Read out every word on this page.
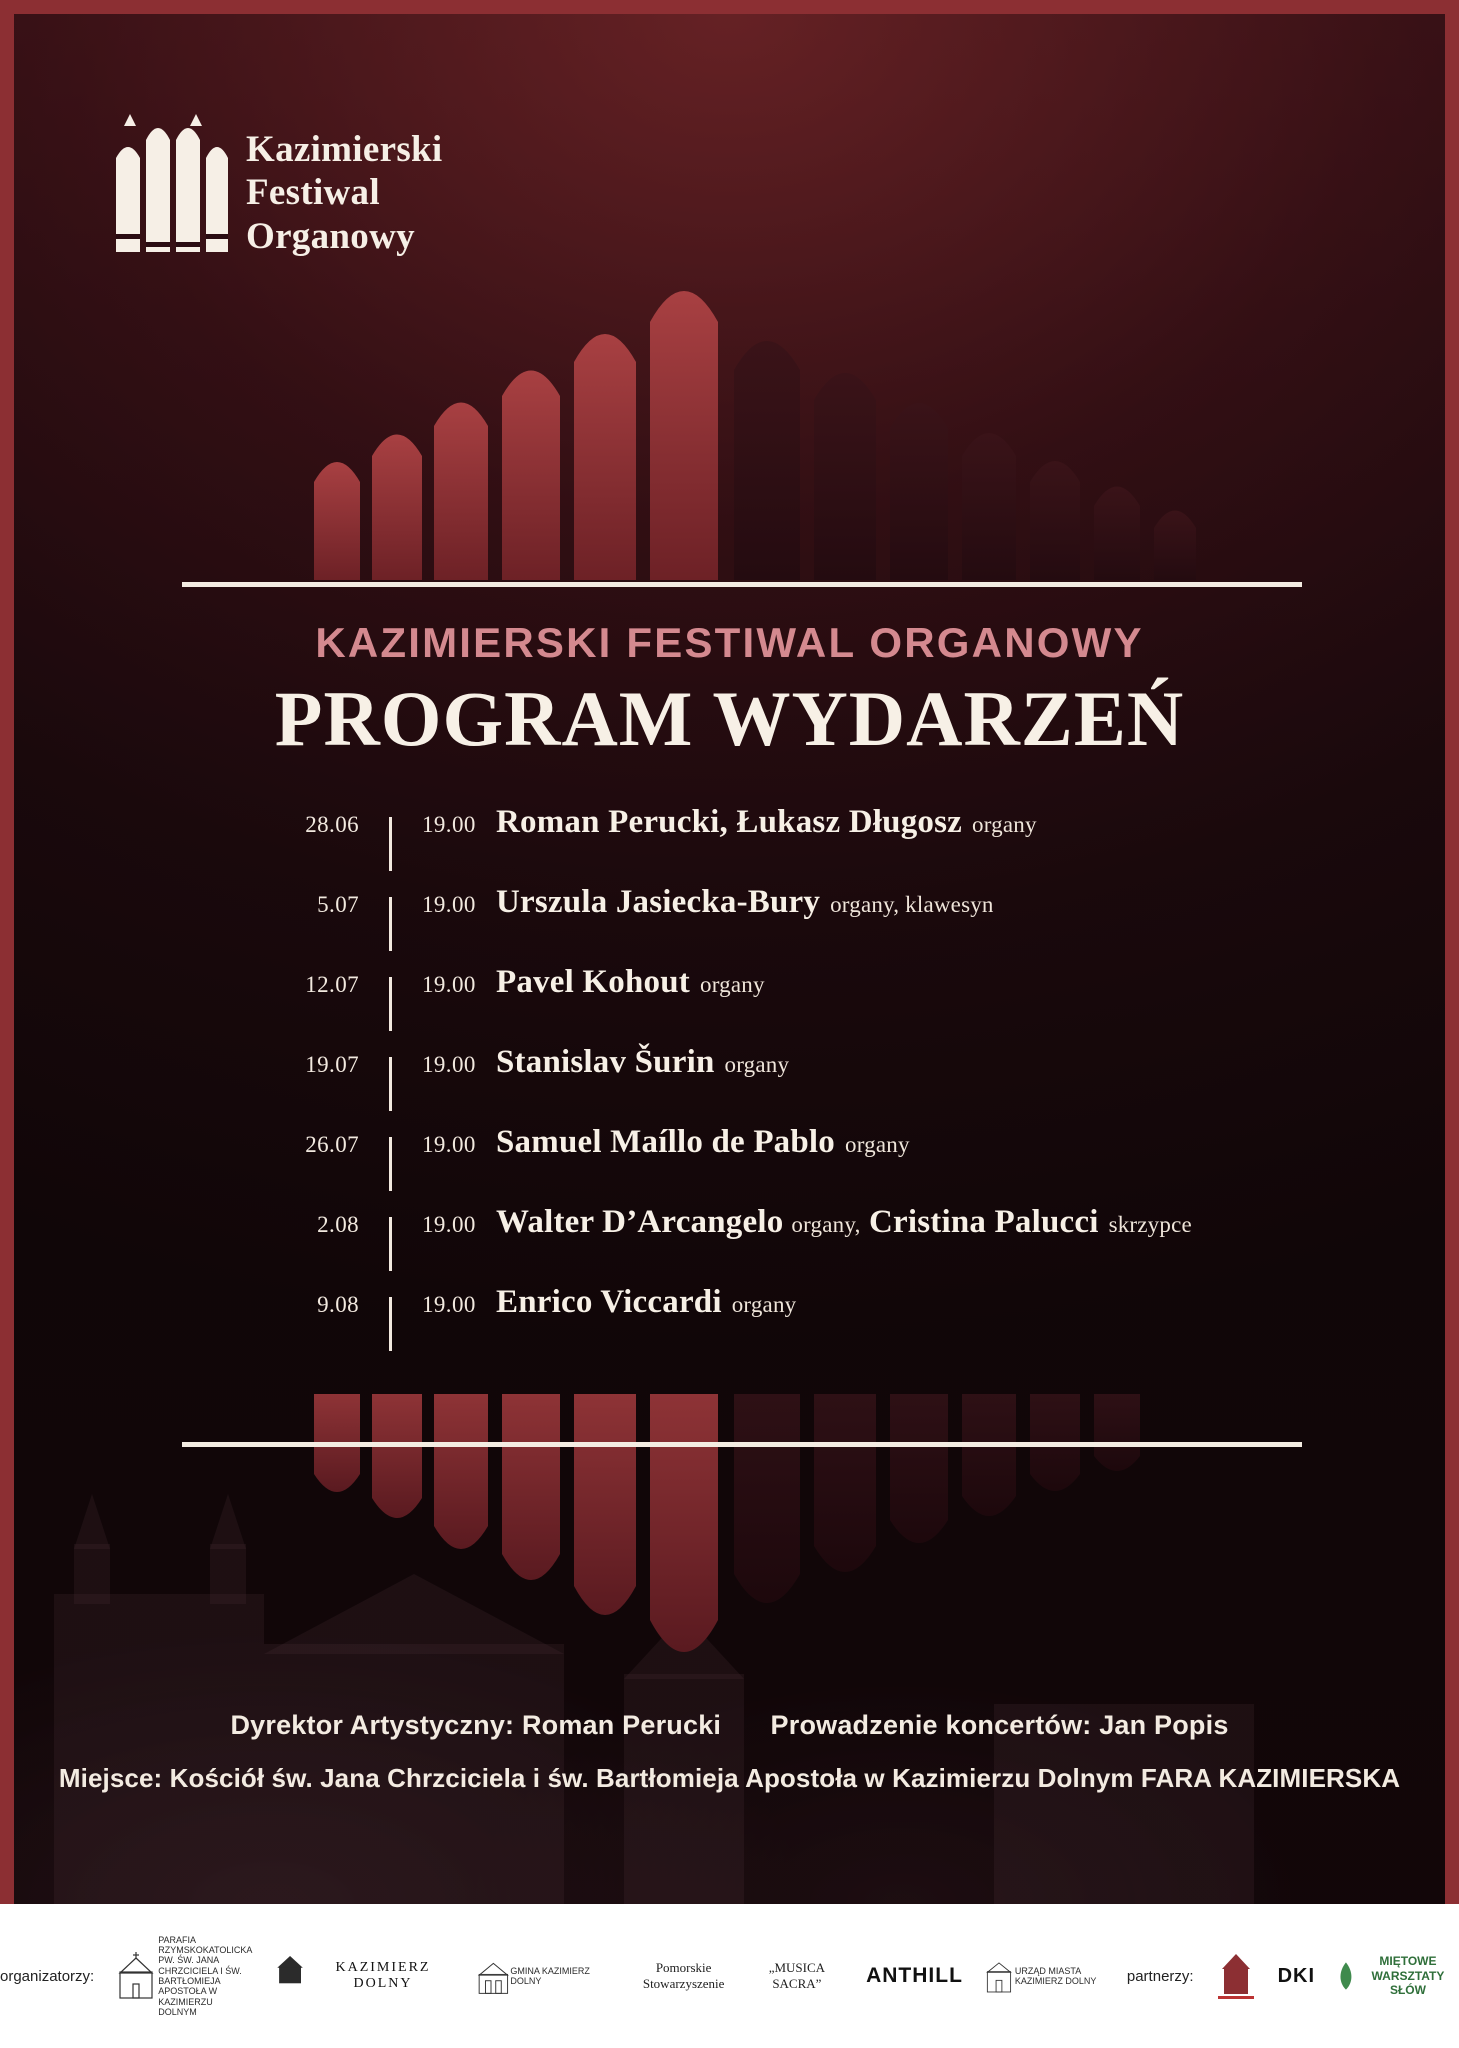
Kazimierski
Festiwal
Organowy
KAZIMIERSKI FESTIWAL ORGANOWY
PROGRAM WYDARZEŃ
28.06	19.00 Roman Perucki, Łukasz Długosz organy
5.07	19.00 Urszula Jasiecka-Bury organy, klawesyn
12.07	19.00 Pavel Kohout organy
19.07	19.00 Stanislav Šurin organy
26.07	19.00 Samuel Maíllo de Pablo organy
2.08	19.00 Walter D’Arcangelo organy, Cristina Palucci skrzypce
9.08	19.00 Enrico Viccardi organy
Dyrektor Artystyczny: Roman Perucki Prowadzenie koncertów: Jan Popis
Miejsce: Kościół św. Jana Chrzciciela i św. Bartłomieja Apostoła w Kazimierzu Dolnym FARA KAZIMIERSKA
organizatorzy:
PARAFIA RZYMSKOKATOLICKA PW. ŚW. JANA CHRZCICIELA I ŚW. BARTŁOMIEJA APOSTOŁA W KAZIMIERZU DOLNYM
KAZIMIERZ DOLNY
GMINA KAZIMIERZ DOLNY
Pomorskie Stowarzyszenie

„MUSICA SACRA”	ANTHILL	URZĄD MIASTA KAZIMIERZ DOLNY	partnerzy:	DKI
MIĘTOWE
WARSZTATY SŁÓW
